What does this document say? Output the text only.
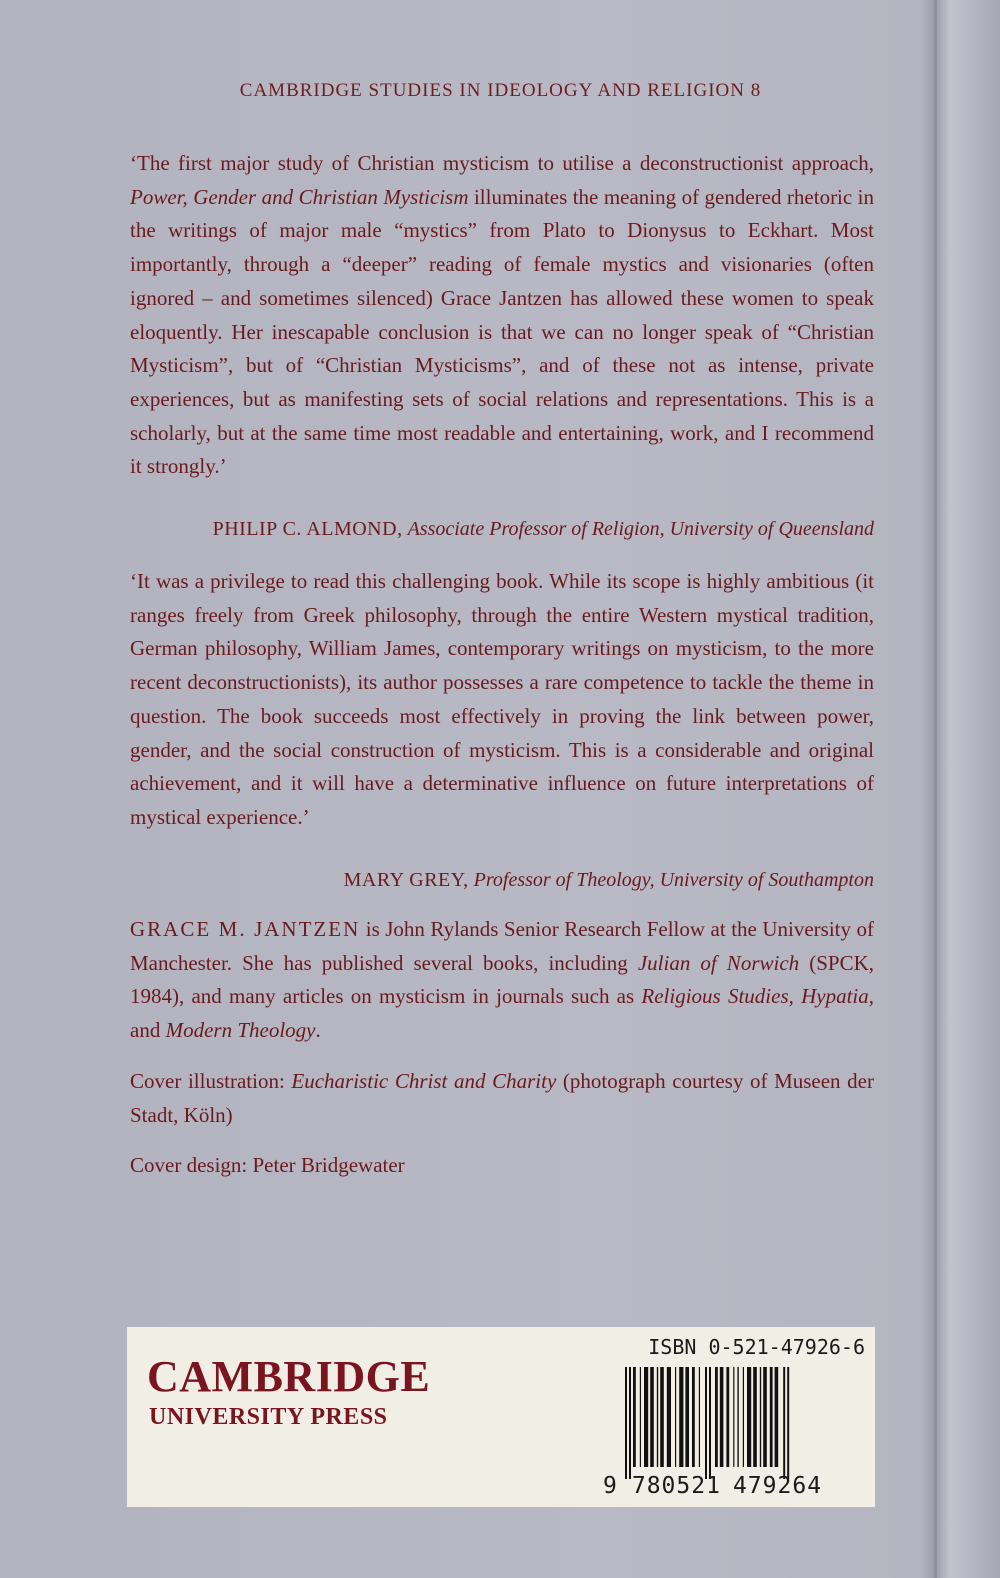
CAMBRIDGE STUDIES IN IDEOLOGY AND RELIGION 8

‘The first major study of Christian mysticism to utilise a deconstructionist approach, Power, Gender and Christian Mysticism illuminates the meaning of gendered rhetoric in the writings of major male “mystics” from Plato to Dionysus to Eckhart. Most importantly, through a “deeper” reading of female mystics and visionaries (often ignored – and sometimes silenced) Grace Jantzen has allowed these women to speak eloquently. Her inescapable conclusion is that we can no longer speak of “Christian Mysticism”, but of “Christian Mysticisms”, and of these not as intense, private experiences, but as manifesting sets of social relations and representations. This is a scholarly, but at the same time most readable and entertaining, work, and I recommend it strongly.’

PHILIP C. ALMOND, Associate Professor of Religion, University of Queensland

‘It was a privilege to read this challenging book. While its scope is highly ambitious (it ranges freely from Greek philosophy, through the entire Western mystical tradition, German philosophy, William James, contemporary writings on mysticism, to the more recent deconstructionists), its author possesses a rare competence to tackle the theme in question. The book succeeds most effectively in proving the link between power, gender, and the social construction of mysticism. This is a considerable and original achievement, and it will have a determinative influence on future interpretations of mystical experience.’

MARY GREY, Professor of Theology, University of Southampton

GRACE M. JANTZEN is John Rylands Senior Research Fellow at the University of Manchester. She has published several books, including Julian of Norwich (SPCK, 1984), and many articles on mysticism in journals such as Religious Studies, Hypatia, and Modern Theology.

Cover illustration: Eucharistic Christ and Charity (photograph courtesy of Museen der Stadt, Köln)

Cover design: Peter Bridgewater

CAMBRIDGE
UNIVERSITY PRESS
ISBN 0-521-47926-6
9 780521 479264
